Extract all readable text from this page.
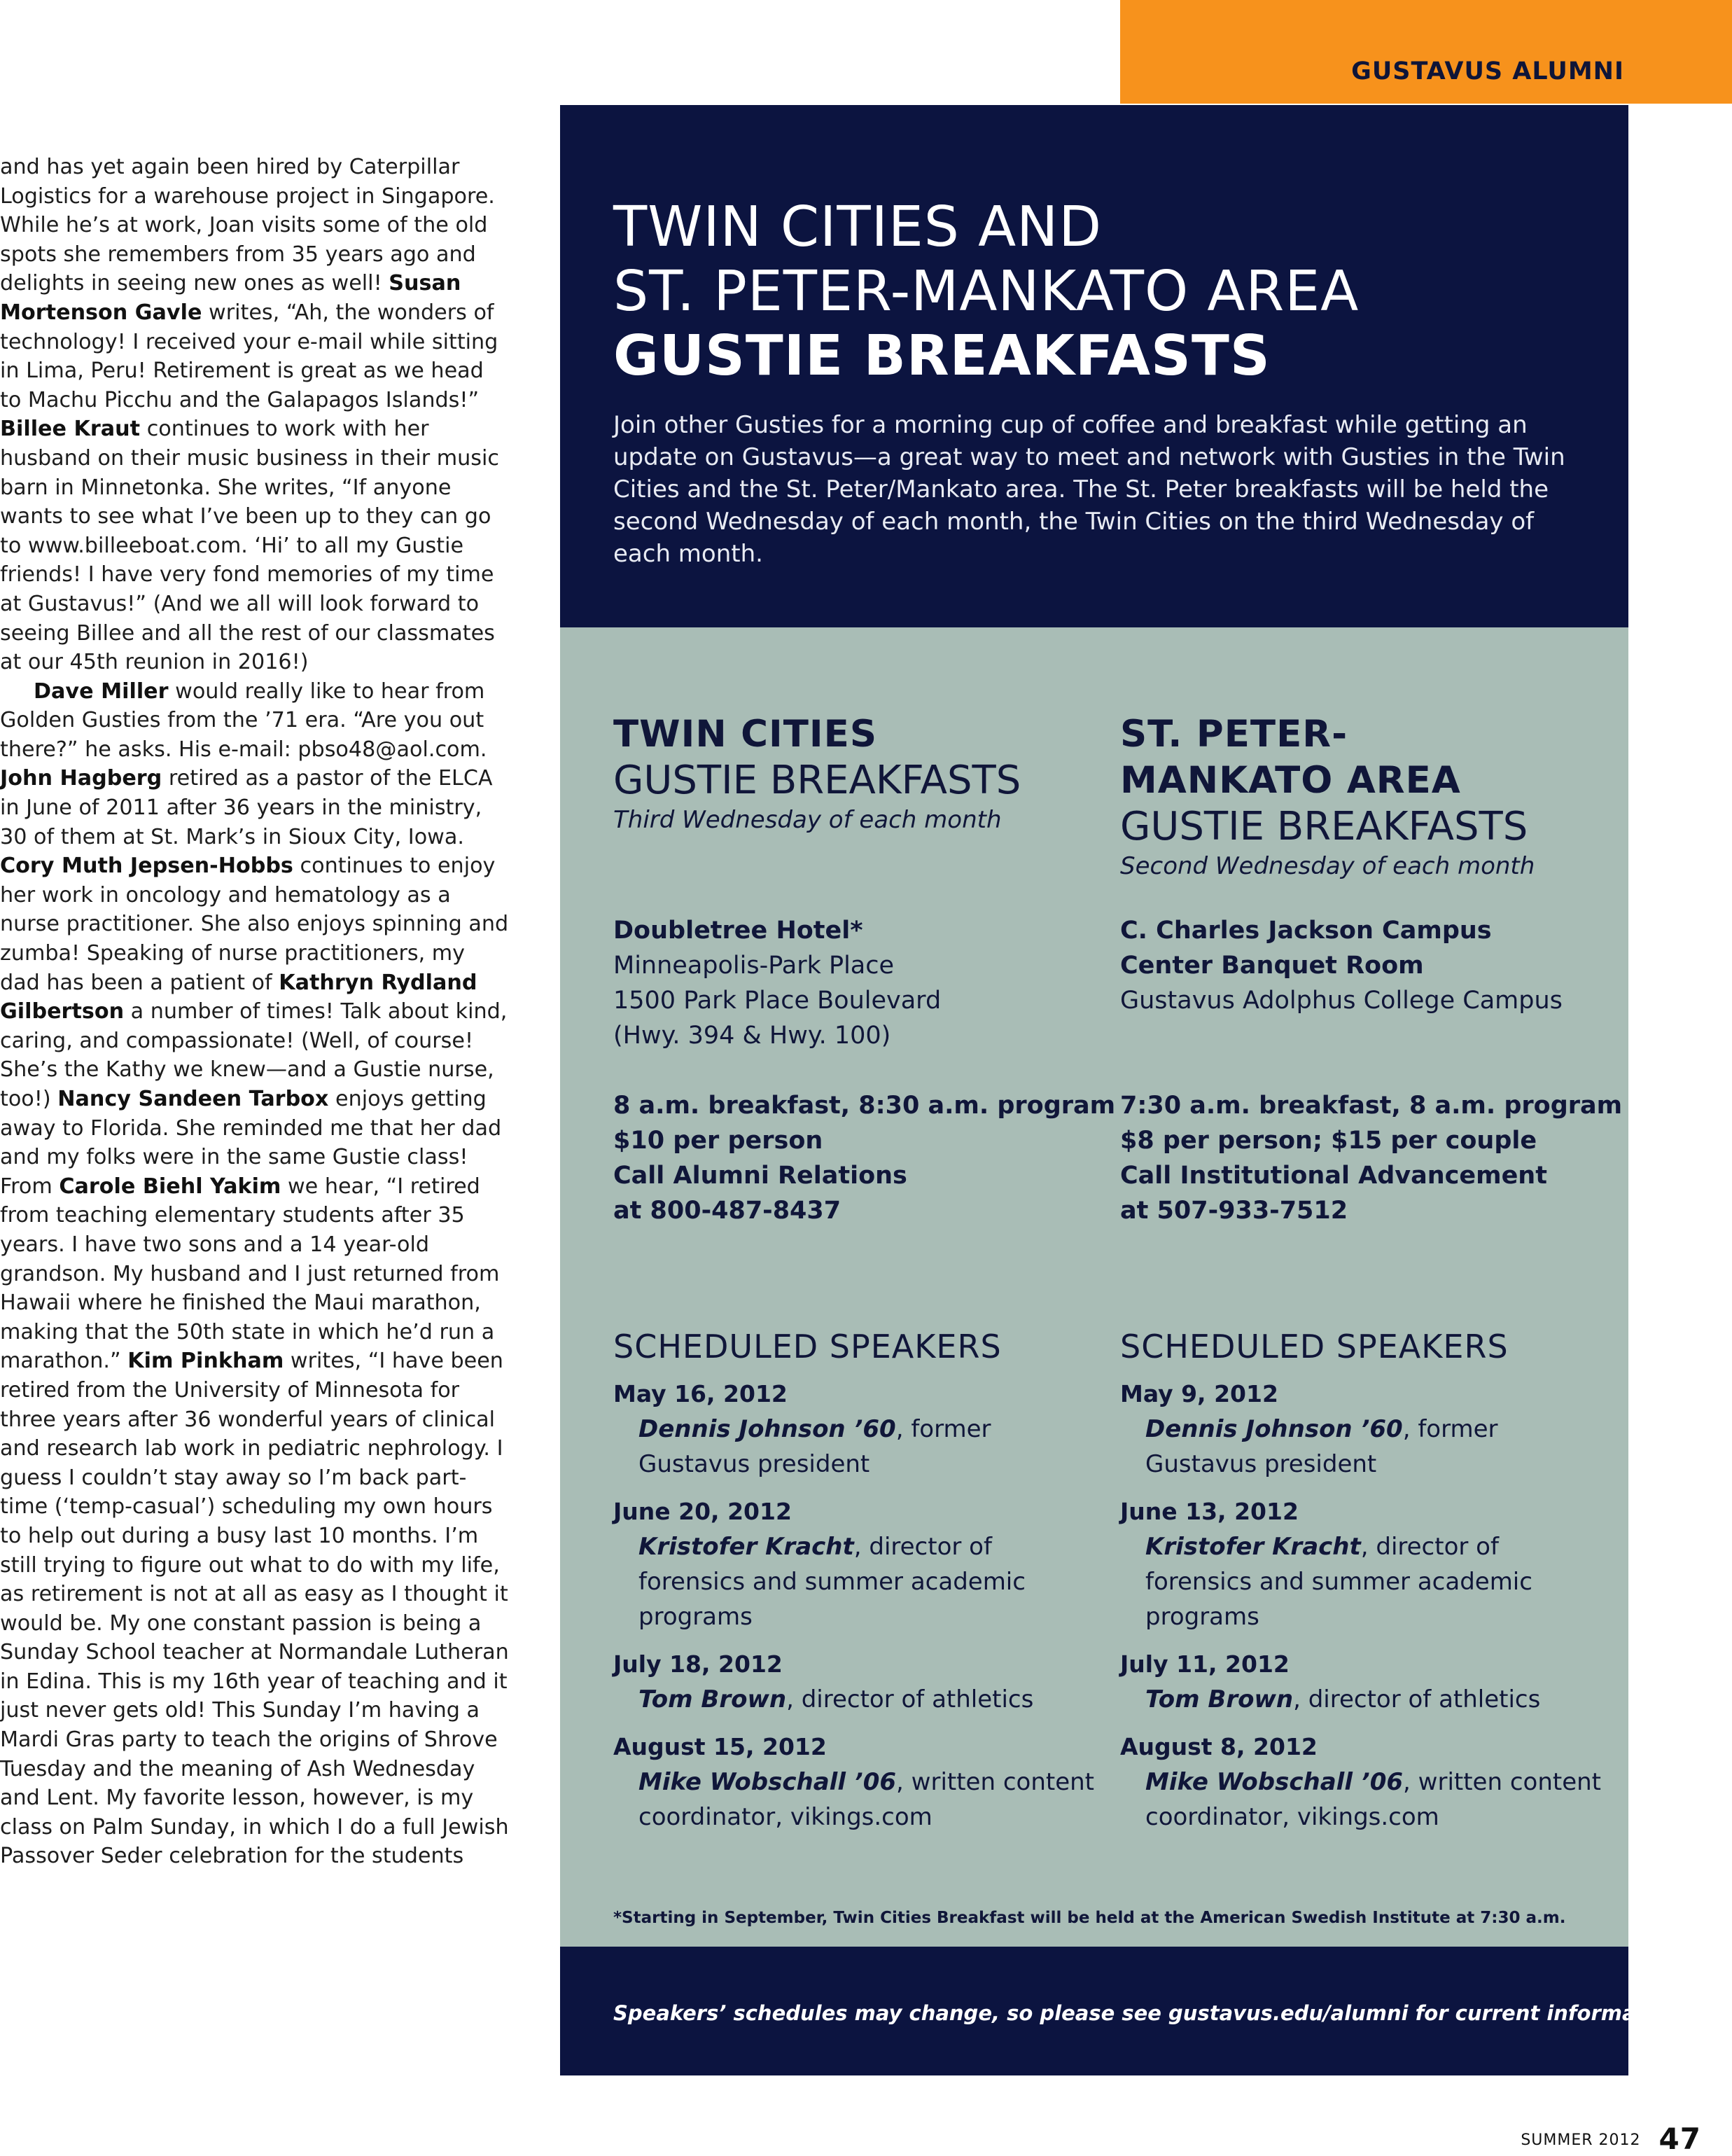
GUSTAVUS ALUMNI

and has yet again been hired by Caterpillar Logistics for a warehouse project in Singapore. While he’s at work, Joan visits some of the old spots she remembers from 35 years ago and delights in seeing new ones as well! Susan Mortenson Gavle writes, “Ah, the wonders of technology! I received your e-mail while sitting in Lima, Peru! Retirement is great as we head to Machu Picchu and the Galapagos Islands!” Billee Kraut continues to work with her husband on their music business in their music barn in Minnetonka. She writes, “If anyone wants to see what I’ve been up to they can go to www.billeeboat.com. ‘Hi’ to all my Gustie friends! I have very fond memories of my time at Gustavus!” (And we all will look forward to seeing Billee and all the rest of our classmates at our 45th reunion in 2016!)

Dave Miller would really like to hear from Golden Gusties from the ’71 era. “Are you out there?” he asks. His e-mail: pbso48@aol.com. John Hagberg retired as a pastor of the ELCA in June of 2011 after 36 years in the ministry, 30 of them at St. Mark’s in Sioux City, Iowa. Cory Muth Jepsen-Hobbs continues to enjoy her work in oncology and hematology as a nurse practitioner. She also enjoys spinning and zumba! Speaking of nurse practitioners, my dad has been a patient of Kathryn Rydland Gilbertson a number of times! Talk about kind, caring, and compassionate! (Well, of course! She’s the Kathy we knew—and a Gustie nurse, too!) Nancy Sandeen Tarbox enjoys getting away to Florida. She reminded me that her dad and my folks were in the same Gustie class! From Carole Biehl Yakim we hear, “I retired from teaching elementary students after 35 years. I have two sons and a 14 year-old grandson. My husband and I just returned from Hawaii where he finished the Maui marathon, making that the 50th state in which he’d run a marathon.” Kim Pinkham writes, “I have been retired from the University of Minnesota for three years after 36 wonderful years of clinical and research lab work in pediatric nephrology. I guess I couldn’t stay away so I’m back part-time (‘temp-casual’) scheduling my own hours to help out during a busy last 10 months. I’m still trying to figure out what to do with my life, as retirement is not at all as easy as I thought it would be. My one constant passion is being a Sunday School teacher at Normandale Lutheran in Edina. This is my 16th year of teaching and it just never gets old! This Sunday I’m having a Mardi Gras party to teach the origins of Shrove Tuesday and the meaning of Ash Wednesday and Lent. My favorite lesson, however, is my class on Palm Sunday, in which I do a full Jewish Passover Seder celebration for the students

TWIN CITIES AND
ST. PETER-MANKATO AREA
GUSTIE BREAKFASTS
Join other Gusties for a morning cup of coffee and breakfast while getting an update on Gustavus—a great way to meet and network with Gusties in the Twin Cities and the St. Peter/Mankato area. The St. Peter breakfasts will be held the second Wednesday of each month, the Twin Cities on the third Wednesday of each month.
TWIN CITIES
GUSTIE BREAKFASTS
Third Wednesday of each month
Doubletree Hotel*
Minneapolis-Park Place
1500 Park Place Boulevard
(Hwy. 394 & Hwy. 100)
8 a.m. breakfast, 8:30 a.m. program
$10 per person
Call Alumni Relations
at 800-487-8437
SCHEDULED SPEAKERS
May 16, 2012
Dennis Johnson ’60, former Gustavus president
June 20, 2012
Kristofer Kracht, director of forensics and summer academic programs
July 18, 2012
Tom Brown, director of athletics
August 15, 2012
Mike Wobschall ’06, written content coordinator, vikings.com
ST. PETER-
MANKATO AREA
GUSTIE BREAKFASTS
Second Wednesday of each month
C. Charles Jackson Campus
Center Banquet Room
Gustavus Adolphus College Campus
7:30 a.m. breakfast, 8 a.m. program
$8 per person; $15 per couple
Call Institutional Advancement
at 507-933-7512
SCHEDULED SPEAKERS
May 9, 2012
Dennis Johnson ’60, former Gustavus president
June 13, 2012
Kristofer Kracht, director of forensics and summer academic programs
July 11, 2012
Tom Brown, director of athletics
August 8, 2012
Mike Wobschall ’06, written content coordinator, vikings.com
*Starting in September, Twin Cities Breakfast will be held at the American Swedish Institute at 7:30 a.m.
Speakers’ schedules may change, so please see gustavus.edu/alumni for current information.
SUMMER 2012 47
